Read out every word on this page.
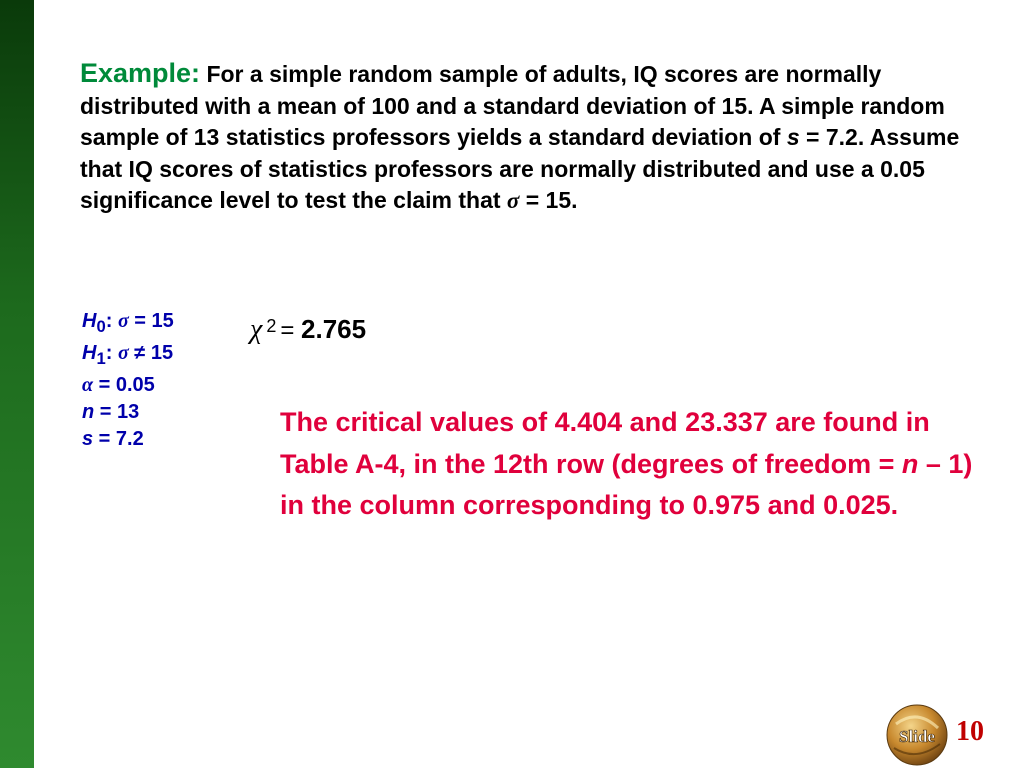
Example: For a simple random sample of adults, IQ scores are normally distributed with a mean of 100 and a standard deviation of 15. A simple random sample of 13 statistics professors yields a standard deviation of s = 7.2. Assume that IQ scores of statistics professors are normally distributed and use a 0.05 significance level to test the claim that σ = 15.
$H_0$: σ = 15
$H_1$: σ ≠ 15
α = 0.05
n = 13
s = 7.2
χ $^2$ = 2.765
The critical values of 4.404 and 23.337 are found in Table A-4, in the 12th row (degrees of freedom = n – 1) in the column corresponding to 0.975 and 0.025.
Slide 10
